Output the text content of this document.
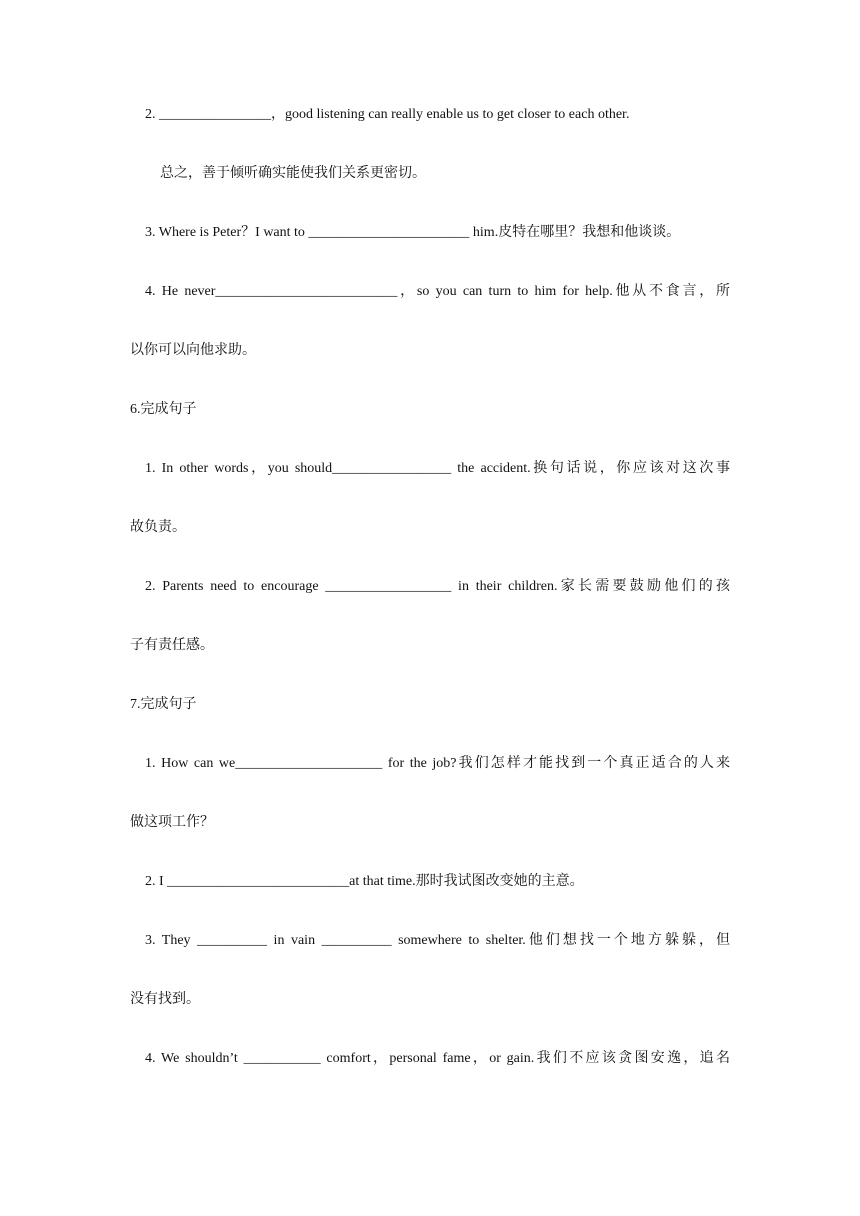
2. ________________，good listening can really enable us to get closer to each other.
总之，善于倾听确实能使我们关系更密切。
3. Where is Peter？I want to _______________________ him.皮特在哪里？我想和他谈谈。
4. He never__________________________，so you can turn to him for help.他从不食言，所
以你可以向他求助。
6.完成句子
1. In other words，you should_________________ the accident.换句话说，你应该对这次事
故负责。
2. Parents need to encourage __________________ in their children.家长需要鼓励他们的孩
子有责任感。
7.完成句子
1. How can we_____________________ for the job?我们怎样才能找到一个真正适合的人来
做这项工作？
2. I __________________________at that time.那时我试图改变她的主意。
3. They __________ in vain __________ somewhere to shelter.他们想找一个地方躲躲，但
没有找到。
4. We shouldn’t ___________ comfort，personal fame，or gain.我们不应该贪图安逸，追名
